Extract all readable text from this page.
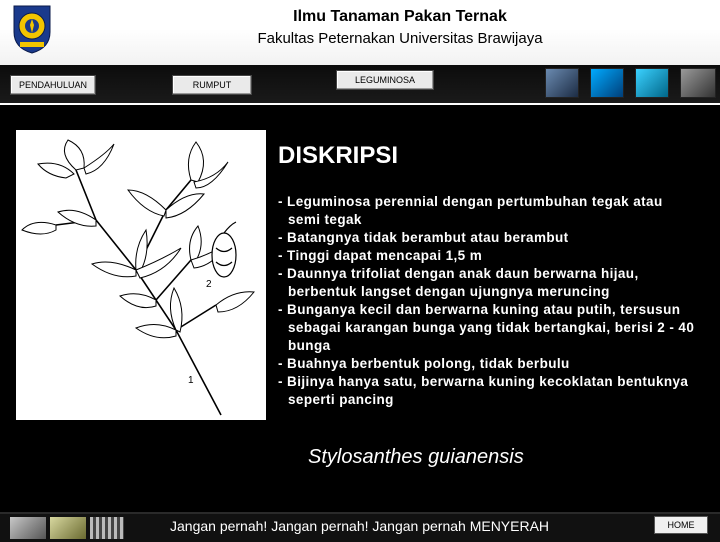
Ilmu Tanaman Pakan Ternak
Fakultas Peternakan Universitas Brawijaya
PENDAHULUAN	RUMPUT	LEGUMINOSA
2
1
DISKRIPSI
- Leguminosa perennial dengan pertumbuhan tegak atau semi tegak
- Batangnya tidak berambut atau berambut
- Tinggi dapat mencapai 1,5 m
- Daunnya trifoliat dengan anak daun berwarna hijau, berbentuk langset dengan ujungnya meruncing
- Bunganya kecil dan berwarna kuning atau putih, tersusun sebagai karangan bunga yang tidak bertangkai, berisi 2 - 40 bunga
- Buahnya berbentuk polong, tidak berbulu
- Bijinya hanya satu, berwarna kuning kecoklatan bentuknya seperti pancing
Stylosanthes guianensis
Jangan pernah! Jangan pernah! Jangan pernah MENYERAH	HOME
